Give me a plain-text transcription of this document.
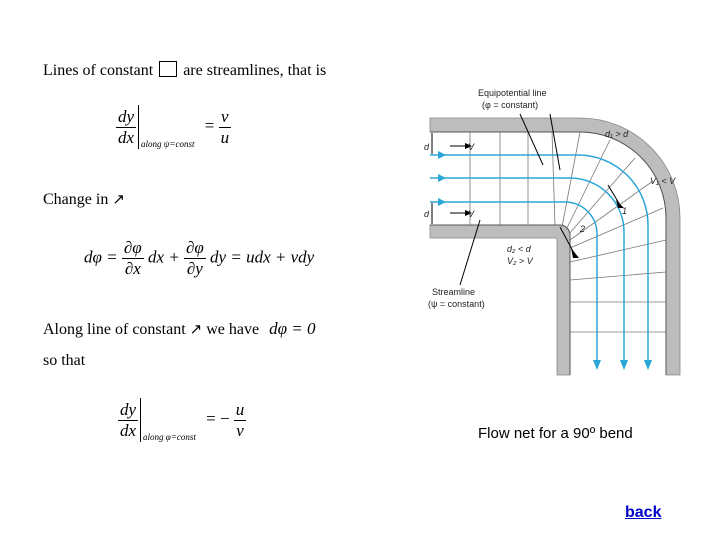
Lines of constant are streamlines, that is
$\frac{dy}{dx} _{along \psi=const} = \frac{v}{u}$
Change in ↗
$d\varphi = \frac{\partial\varphi}{\partial x}$ dx + $\frac{\partial\varphi}{\partial y}$ dy = udx + vdy
Along line of constant ↗ we have dφ = 0
so that
$\frac{dy}{dx} _{along \varphi=const}$ = − $\frac{u}{v}$
Equipotential line
(φ = constant)
Streamline
(ψ = constant)
d₁ > d
V₁ < V
d₂ < d
V₂ > V
d
d
V
V	1
2
Flow net for a 90º bend
back
